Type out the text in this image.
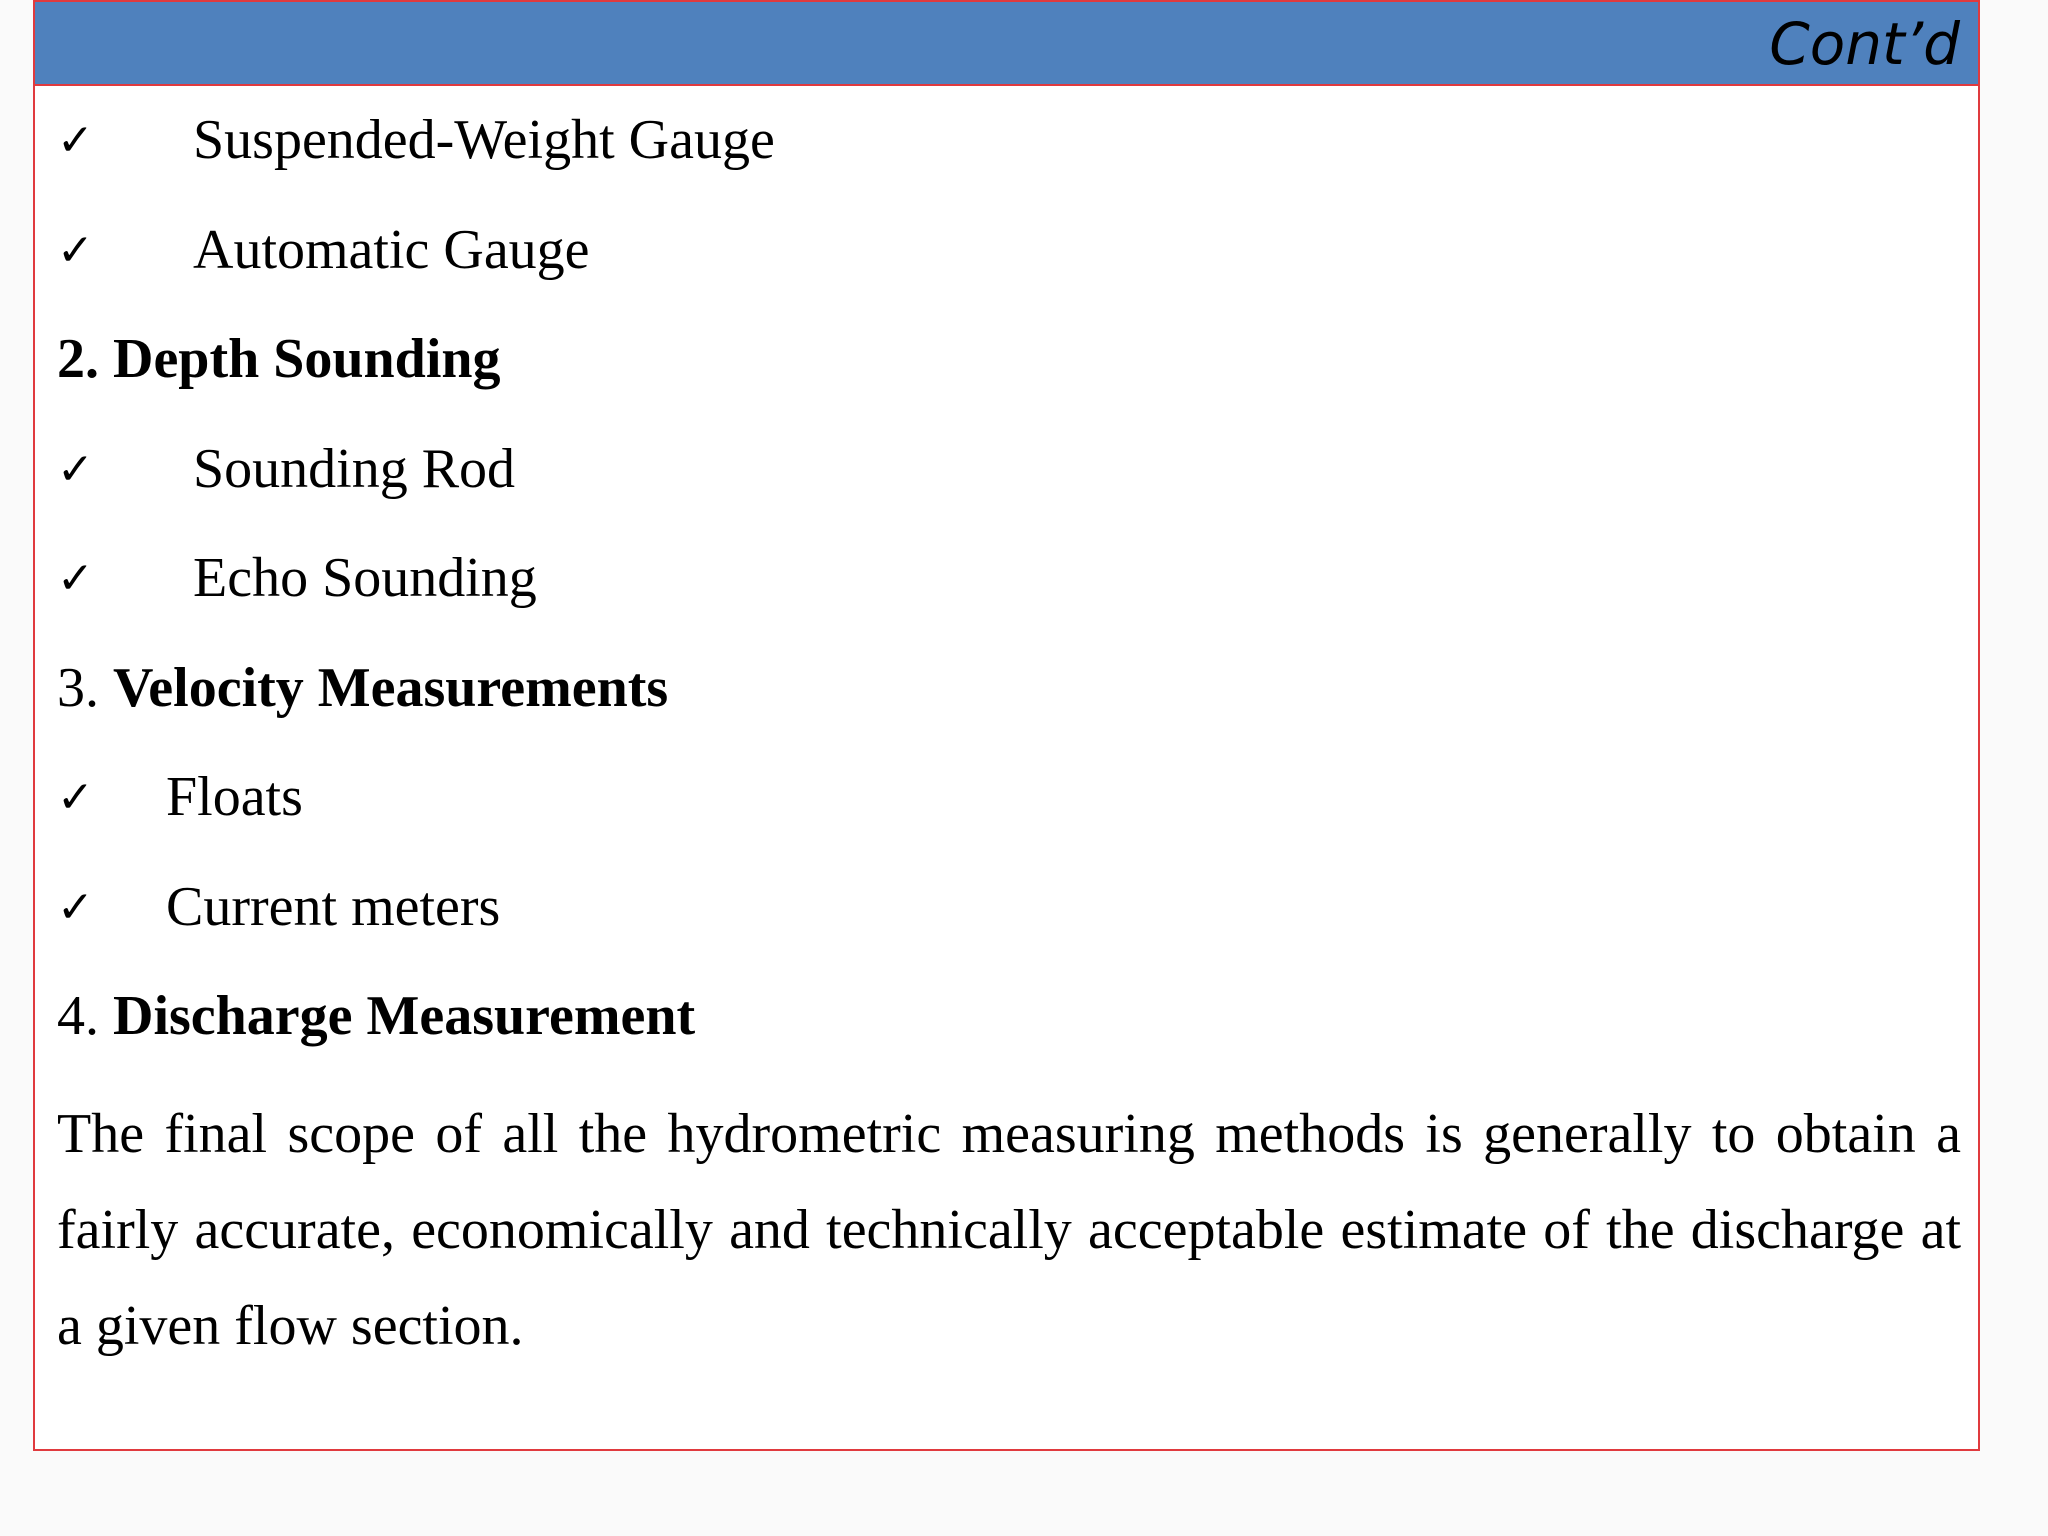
Cont’d
✓ Suspended-Weight Gauge
✓ Automatic Gauge
2. Depth Sounding
✓ Sounding Rod
✓ Echo Sounding
3. Velocity Measurements
✓ Floats
✓ Current meters
4. Discharge Measurement
The final scope of all the hydrometric measuring methods is generally to obtain a fairly accurate, economically and technically acceptable estimate of the discharge at a given flow section.
